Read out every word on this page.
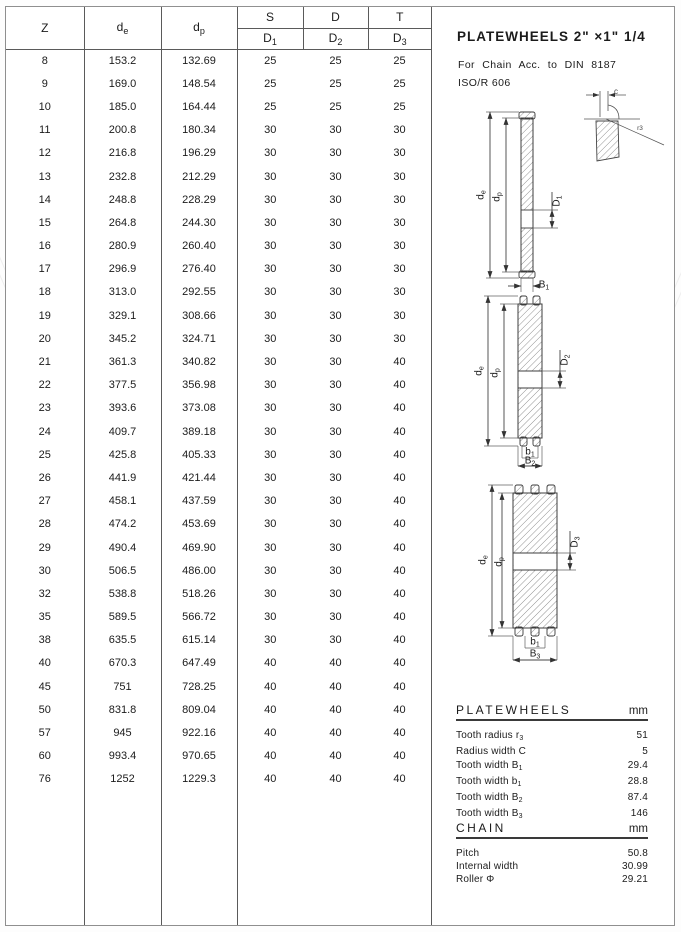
Z	$d_e$	$d_p$	S	D	T
			$D_1$	$D_2$	$D_3$
8	153.2	132.69	25	25	25
9	169.0	148.54	25	25	25
10	185.0	164.44	25	25	25
11	200.8	180.34	30	30	30
12	216.8	196.29	30	30	30
13	232.8	212.29	30	30	30
14	248.8	228.29	30	30	30
15	264.8	244.30	30	30	30
16	280.9	260.40	30	30	30
17	296.9	276.40	30	30	30
18	313.0	292.55	30	30	30
19	329.1	308.66	30	30	30
20	345.2	324.71	30	30	30
21	361.3	340.82	30	30	40
22	377.5	356.98	30	30	40
23	393.6	373.08	30	30	40
24	409.7	389.18	30	30	40
25	425.8	405.33	30	30	40
26	441.9	421.44	30	30	40
27	458.1	437.59	30	30	40
28	474.2	453.69	30	30	40
29	490.4	469.90	30	30	40
30	506.5	486.00	30	30	40
32	538.8	518.26	30	30	40
35	589.5	566.72	30	30	40
38	635.5	615.14	30	30	40
40	670.3	647.49	40	40	40
45	751	728.25	40	40	40
50	831.8	809.04	40	40	40
57	945	922.16	40	40	40
60	993.4	970.65	40	40	40
76	1252	1229.3	40	40	40

PLATEWHEELS 2" ×1" 1/4
For Chain Acc. to DIN 8187
ISO/R 606
c
r3
$d_e$
$d_p$
$D_1$
$B_1$
$d_e$
$d_p$
$D_2$
$b_1$
$B_2$
$d_e$
$d_p$
$D_3$
$b_1$
$B_3$
PLATEWHEELS	mm
Tooth radius $r_3$	51
Radius width C	5
Tooth width $B_1$	29.4
Tooth width $b_1$	28.8
Tooth width $B_2$	87.4
Tooth width $B_3$	146
CHAIN	mm
Pitch	50.8
Internal width	30.99
Roller Φ	29.21
